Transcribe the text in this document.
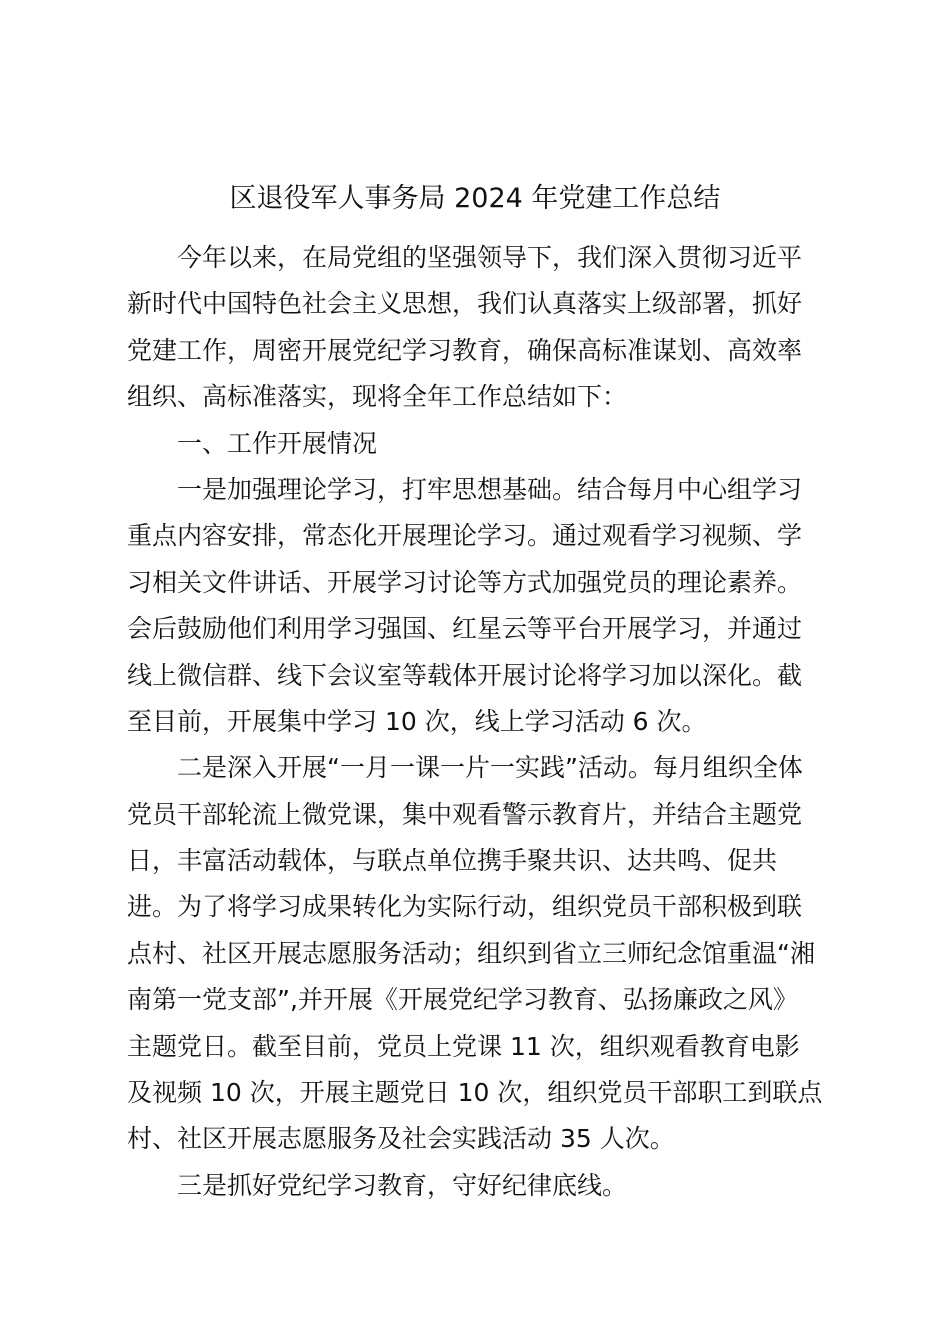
区退役军人事务局 2024 年党建工作总结
今年以来，在局党组的坚强领导下，我们深入贯彻习近平
新时代中国特色社会主义思想，我们认真落实上级部署，抓好
党建工作，周密开展党纪学习教育，确保高标准谋划、高效率
组织、高标准落实，现将全年工作总结如下：
一、工作开展情况
一是加强理论学习，打牢思想基础。结合每月中心组学习
重点内容安排，常态化开展理论学习。通过观看学习视频、学
习相关文件讲话、开展学习讨论等方式加强党员的理论素养。
会后鼓励他们利用学习强国、红星云等平台开展学习，并通过
线上微信群、线下会议室等载体开展讨论将学习加以深化。截
至目前，开展集中学习 10 次，线上学习活动 6 次。
二是深入开展“一月一课一片一实践”活动。每月组织全体
党员干部轮流上微党课，集中观看警示教育片，并结合主题党
日，丰富活动载体，与联点单位携手聚共识、达共鸣、促共
进。为了将学习成果转化为实际行动，组织党员干部积极到联
点村、社区开展志愿服务活动；组织到省立三师纪念馆重温“湘
南第一党支部”,并开展《开展党纪学习教育、弘扬廉政之风》
主题党日。截至目前，党员上党课 11 次，组织观看教育电影
及视频 10 次，开展主题党日 10 次，组织党员干部职工到联点
村、社区开展志愿服务及社会实践活动 35 人次。
三是抓好党纪学习教育，守好纪律底线。
